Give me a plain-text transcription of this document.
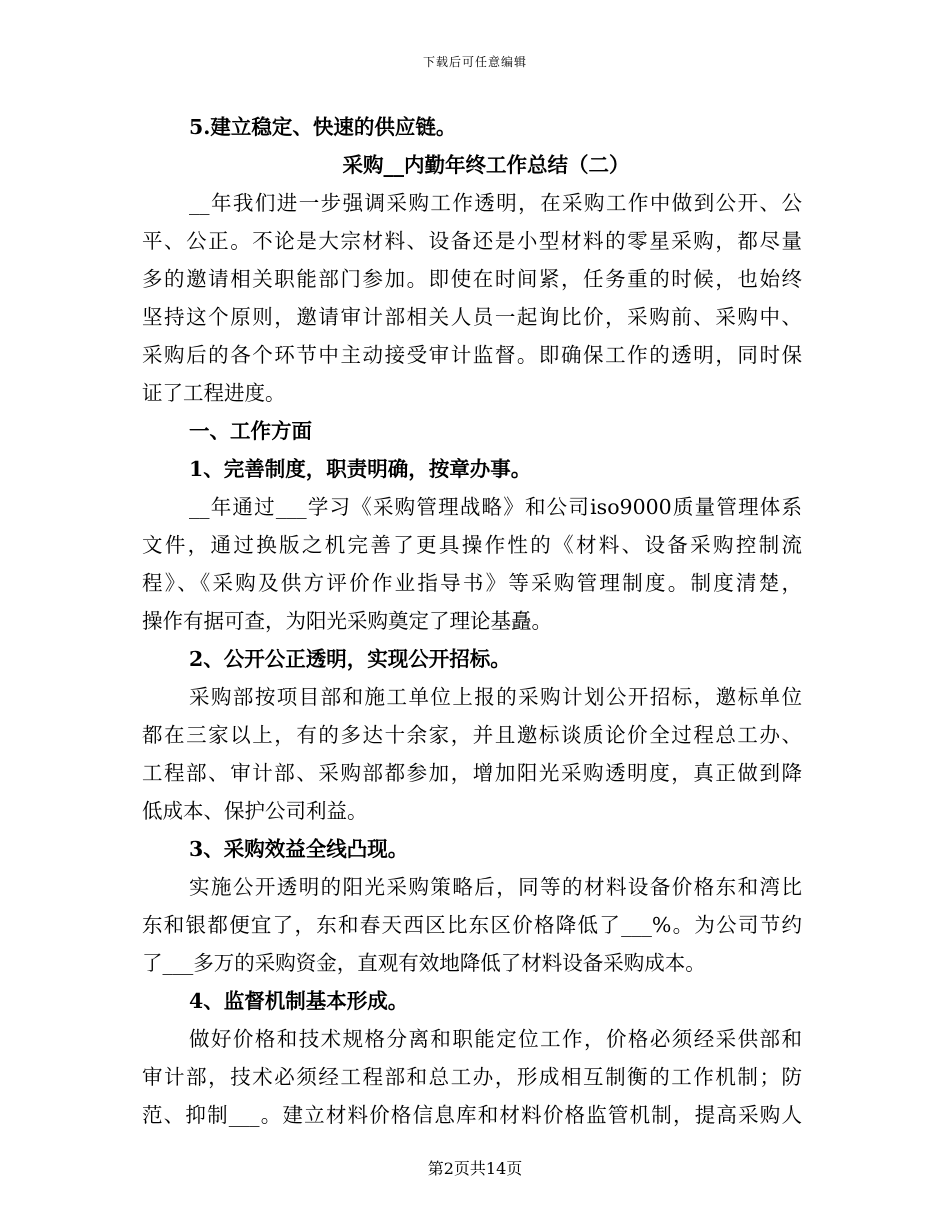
下载后可任意编辑
5.建立稳定、快速的供应链。
采购__内勤年终工作总结（二）
__年我们进一步强调采购工作透明，在采购工作中做到公开、公
平、公正。不论是大宗材料、设备还是小型材料的零星采购，都尽量
多的邀请相关职能部门参加。即使在时间紧，任务重的时候，也始终
坚持这个原则，邀请审计部相关人员一起询比价，采购前、采购中、
采购后的各个环节中主动接受审计监督。即确保工作的透明，同时保
证了工程进度。
一、工作方面
1、完善制度，职责明确，按章办事。
__年通过___学习《采购管理战略》和公司iso9000质量管理体系
文件，通过换版之机完善了更具操作性的《材料、设备采购控制流
程》、《采购及供方评价作业指导书》等采购管理制度。制度清楚，
操作有据可查，为阳光采购奠定了理论基矗。
2、公开公正透明，实现公开招标。
采购部按项目部和施工单位上报的采购计划公开招标，邀标单位
都在三家以上，有的多达十余家，并且邀标谈质论价全过程总工办、
工程部、审计部、采购部都参加，增加阳光采购透明度，真正做到降
低成本、保护公司利益。
3、采购效益全线凸现。
实施公开透明的阳光采购策略后，同等的材料设备价格东和湾比
东和银都便宜了，东和春天西区比东区价格降低了___%。为公司节约
了___多万的采购资金，直观有效地降低了材料设备采购成本。
4、监督机制基本形成。
做好价格和技术规格分离和职能定位工作，价格必须经采供部和
审计部，技术必须经工程部和总工办，形成相互制衡的工作机制；防
范、抑制___。建立材料价格信息库和材料价格监管机制，提高采购人
第2页共14页
